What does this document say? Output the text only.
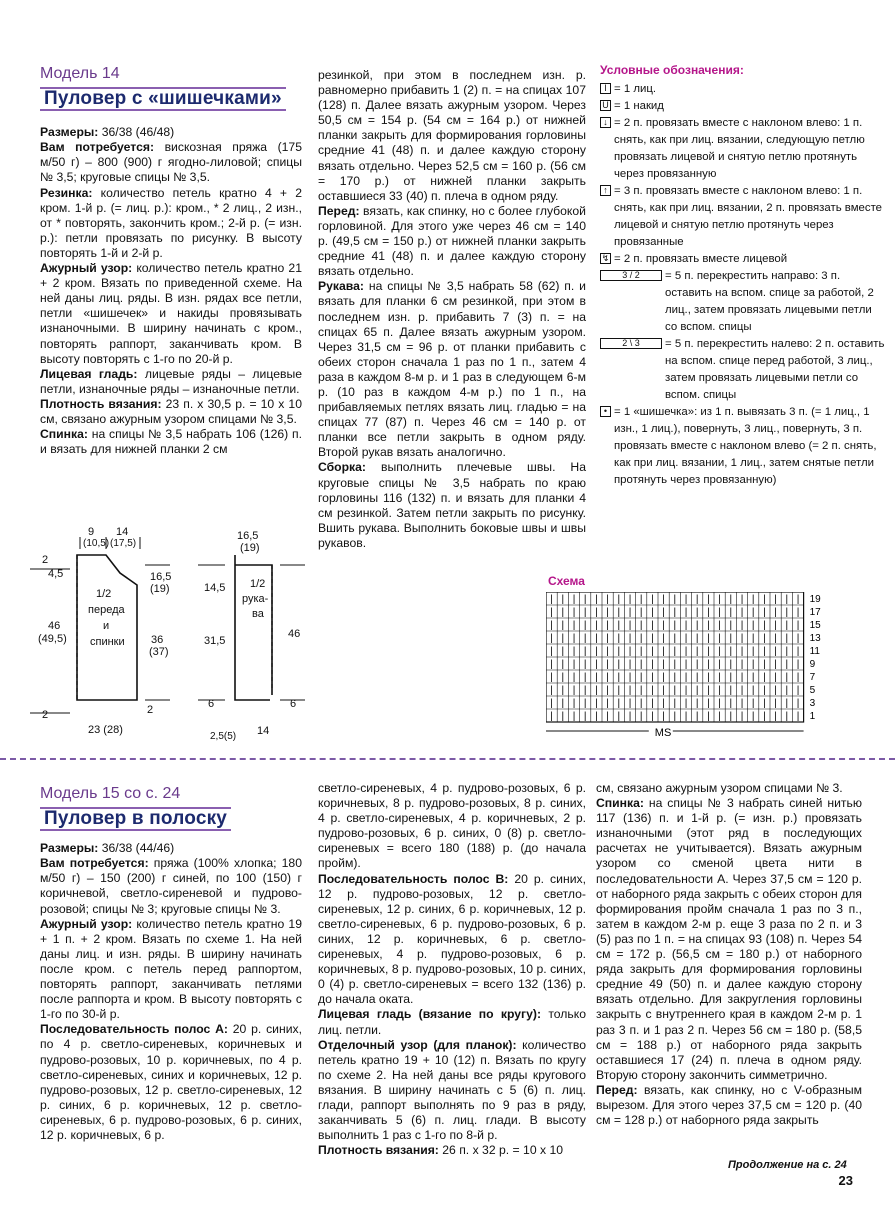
Модель 14
Пуловер с «шишечками»

Размеры: 36/38 (46/48)

Вам потребуется: вискозная пряжа (175 м/50 г) – 800 (900) г ягодно-лиловой; спицы № 3,5; круговые спицы № 3,5.

Резинка: количество петель кратно 4 + 2 кром. 1-й р. (= лиц. р.): кром., * 2 лиц., 2 изн., от * повторять, закончить кром.; 2-й р. (= изн. р.): петли провязать по рисунку. В высоту повторять 1-й и 2-й р.

Ажурный узор: количество петель кратно 21 + 2 кром. Вязать по приведенной схеме. На ней даны лиц. ряды. В изн. рядах все петли, петли «шишечек» и накиды провязывать изнаночными. В ширину начинать с кром., повторять раппорт, заканчивать кром. В высоту повторять с 1-го по 20-й р.

Лицевая гладь: лицевые ряды – лицевые петли, изнаночные ряды – изнаночные петли.

Плотность вязания: 23 п. х 30,5 р. = 10 х 10 см, связано ажурным узором спицами № 3,5.

Спинка: на спицы № 3,5 набрать 106 (126) п. и вязать для нижней планки 2 см

резинкой, при этом в последнем изн. р. равномерно прибавить 1 (2) п. = на спицах 107 (128) п. Далее вязать ажурным узором. Через 50,5 см = 154 р. (54 см = 164 р.) от нижней планки закрыть для формирования горловины средние 41 (48) п. и далее каждую сторону вязать отдельно. Через 52,5 см = 160 р. (56 см = 170 р.) от нижней планки закрыть оставшиеся 33 (40) п. плеча в одном ряду.

Перед: вязать, как спинку, но с более глубокой горловиной. Для этого уже через 46 см = 140 р. (49,5 см = 150 р.) от нижней планки закрыть средние 41 (48) п. и далее каждую сторону вязать отдельно.

Рукава: на спицы № 3,5 набрать 58 (62) п. и вязать для планки 6 см резинкой, при этом в последнем изн. р. прибавить 7 (3) п. = на спицах 65 п. Далее вязать ажурным узором. Через 31,5 см = 96 р. от планки прибавить с обеих сторон сначала 1 раз по 1 п., затем 4 раза в каждом 8-м р. и 1 раз в следующем 6-м р. (10 раз в каждом 4-м р.) по 1 п., на прибавляемых петлях вязать лиц. гладью = на спицах 77 (87) п. Через 46 см = 140 р. от планки все петли закрыть в одном ряду. Второй рукав вязать аналогично.

Сборка: выполнить плечевые швы. На круговые спицы № 3,5 набрать по краю горловины 116 (132) п. и вязать для планки 4 см резинкой. Затем петли закрыть по рисунку. Вшить рукава. Выполнить боковые швы и швы рукавов.

Условные обозначения:
I = 1 лиц.
U = 1 накид
↓ = 2 п. провязать вместе с наклоном влево: 1 п. снять, как при лиц. вязании, следующую петлю провязать лицевой и снятую петлю протянуть через провязанную
↑ = 3 п. провязать вместе с наклоном влево: 1 п. снять, как при лиц. вязании, 2 п. провязать вместе лицевой и снятую петлю протянуть через провязанные
↯ = 2 п. провязать вместе лицевой
3 / 2	= 5 п. перекрестить направо: 3 п. оставить на вспом. спице за работой, 2 лиц., затем провязать лицевыми петли со вспом. спицы
2 \ 3	= 5 п. перекрестить налево: 2 п. оставить на вспом. спице перед работой, 3 лиц., затем провязать лицевыми петли со вспом. спицы
• = 1 «шишечка»: из 1 п. вывязать 3 п. (= 1 лиц., 1 изн., 1 лиц.), повернуть, 3 лиц., повернуть, 3 п. провязать вместе с наклоном влево (= 2 п. снять, как при лиц. вязании, 1 лиц., затем снятые петли протянуть через провязанную)
9
(10,5)
14
(17,5)
2
4,5
46
(49,5)
16,5
(19)
36
(37)
2	2
23 (28)
1/2
переда
и
спинки
16,5
(19)
14,5
31,5
1/2
рука-
ва
46
6	6
2,5(5) 14
Схема
| | | | | | | | | | | | | | | | | | | | | | |
| | | | | | | | | | | | | | | | | | | | | | |
| | | | | | | | | | | | | | | | | | | | | | |
| | | | | | | | | | | | | | | | | | | | | | |
| | | | | | | | | | | | | | | | | | | | | | |
| | | | | | | | | | | | | | | | | | | | | | |
| | | | | | | | | | | | | | | | | | | | | | |
| | | | | | | | | | | | | | | | | | | | | | |
| | | | | | | | | | | | | | | | | | | | | | |
| | | | | | | | | | | | | | | | | | | | | | |
19
17
15
13
11
9
7
5
3
1
MS
Модель 15 со с. 24
Пуловер в полоску

Размеры: 36/38 (44/46)

Вам потребуется: пряжа (100% хлопка; 180 м/50 г) – 150 (200) г синей, по 100 (150) г коричневой, светло-сиреневой и пудрово-розовой; спицы № 3; круговые спицы № 3.

Ажурный узор: количество петель кратно 19 + 1 п. + 2 кром. Вязать по схеме 1. На ней даны лиц. и изн. ряды. В ширину начинать после кром. с петель перед раппортом, повторять раппорт, заканчивать петлями после раппорта и кром. В высоту повторять с 1-го по 30-й р.

Последовательность полос А: 20 р. синих, по 4 р. светло-сиреневых, коричневых и пудрово-розовых, 10 р. коричневых, по 4 р. светло-сиреневых, синих и коричневых, 12 р. пудрово-розовых, 12 р. светло-сиреневых, 12 р. синих, 6 р. коричневых, 12 р. светло-сиреневых, 6 р. пудрово-розовых, 6 р. синих, 12 р. коричневых, 6 р.

светло-сиреневых, 4 р. пудрово-розовых, 6 р. коричневых, 8 р. пудрово-розовых, 8 р. синих, 4 р. светло-сиреневых, 4 р. коричневых, 2 р. пудрово-розовых, 6 р. синих, 0 (8) р. светло-сиреневых = всего 180 (188) р. (до начала пройм).

Последовательность полос В: 20 р. синих, 12 р. пудрово-розовых, 12 р. светло-сиреневых, 12 р. синих, 6 р. коричневых, 12 р. светло-сиреневых, 6 р. пудрово-розовых, 6 р. синих, 12 р. коричневых, 6 р. светло-сиреневых, 4 р. пудрово-розовых, 6 р. коричневых, 8 р. пудрово-розовых, 10 р. синих, 0 (4) р. светло-сиреневых = всего 132 (136) р. до начала оката.

Лицевая гладь (вязание по кругу): только лиц. петли.

Отделочный узор (для планок): количество петель кратно 19 + 10 (12) п. Вязать по кругу по схеме 2. На ней даны все ряды кругового вязания. В ширину начинать с 5 (6) п. лиц. глади, раппорт выполнять по 9 раз в ряду, заканчивать 5 (6) п. лиц. глади. В высоту выполнить 1 раз с 1-го по 8-й р.

Плотность вязания: 26 п. х 32 р. = 10 х 10

см, связано ажурным узором спицами № 3.

Спинка: на спицы № 3 набрать синей нитью 117 (136) п. и 1-й р. (= изн. р.) провязать изнаночными (этот ряд в последующих расчетах не учитывается). Вязать ажурным узором со сменой цвета нити в последовательности А. Через 37,5 см = 120 р. от наборного ряда закрыть с обеих сторон для формирования пройм сначала 1 раз по 3 п., затем в каждом 2-м р. еще 3 раза по 2 п. и 3 (5) раз по 1 п. = на спицах 93 (108) п. Через 54 см = 172 р. (56,5 см = 180 р.) от наборного ряда закрыть для формирования горловины средние 49 (50) п. и далее каждую сторону вязать отдельно. Для закругления горловины закрыть с внутреннего края в каждом 2-м р. 1 раз 3 п. и 1 раз 2 п. Через 56 см = 180 р. (58,5 см = 188 р.) от наборного ряда закрыть оставшиеся 17 (24) п. плеча в одном ряду. Вторую сторону закончить симметрично.

Перед: вязать, как спинку, но с V-образным вырезом. Для этого через 37,5 см = 120 р. (40 см = 128 р.) от наборного ряда закрыть

Продолжение на с. 24
23
